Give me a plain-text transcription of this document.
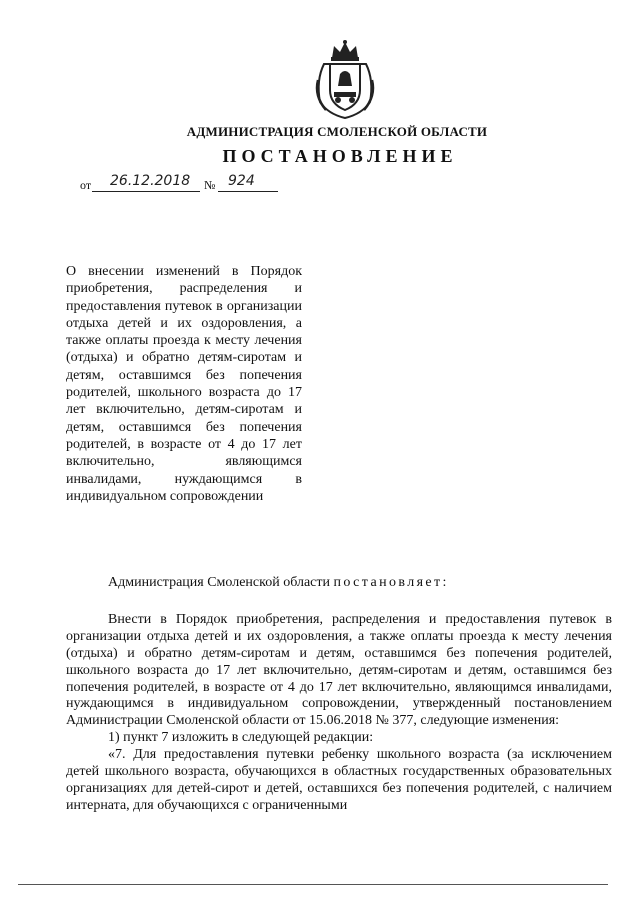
АДМИНИСТРАЦИЯ СМОЛЕНСКОЙ ОБЛАСТИ
ПОСТАНОВЛЕНИЕ
от 26.12.2018 № 924
О внесении изменений в Порядок приобретения, распределения и предоставления путевок в организации отдыха детей и их оздоровления, а также оплаты проезда к месту лечения (отдыха) и обратно детям-сиротам и детям, оставшимся без попечения родителей, школьного возраста до 17 лет включительно, детям-сиротам и детям, оставшимся без попечения родителей, в возрасте от 4 до 17 лет включительно, являющимся инвалидами, нуждающимся в индивидуальном сопровождении

Администрация Смоленской области постановляет:

Внести в Порядок приобретения, распределения и предоставления путевок в организации отдыха детей и их оздоровления, а также оплаты проезда к месту лечения (отдыха) и обратно детям-сиротам и детям, оставшимся без попечения родителей, школьного возраста до 17 лет включительно, детям-сиротам и детям, оставшимся без попечения родителей, в возрасте от 4 до 17 лет включительно, являющимся инвалидами, нуждающимся в индивидуальном сопровождении, утвержденный постановлением Администрации Смоленской области от 15.06.2018 № 377, следующие изменения:

1) пункт 7 изложить в следующей редакции:

«7. Для предоставления путевки ребенку школьного возраста (за исключением детей школьного возраста, обучающихся в областных государственных образовательных организациях для детей-сирот и детей, оставшихся без попечения родителей, с наличием интерната, для обучающихся с ограниченными
